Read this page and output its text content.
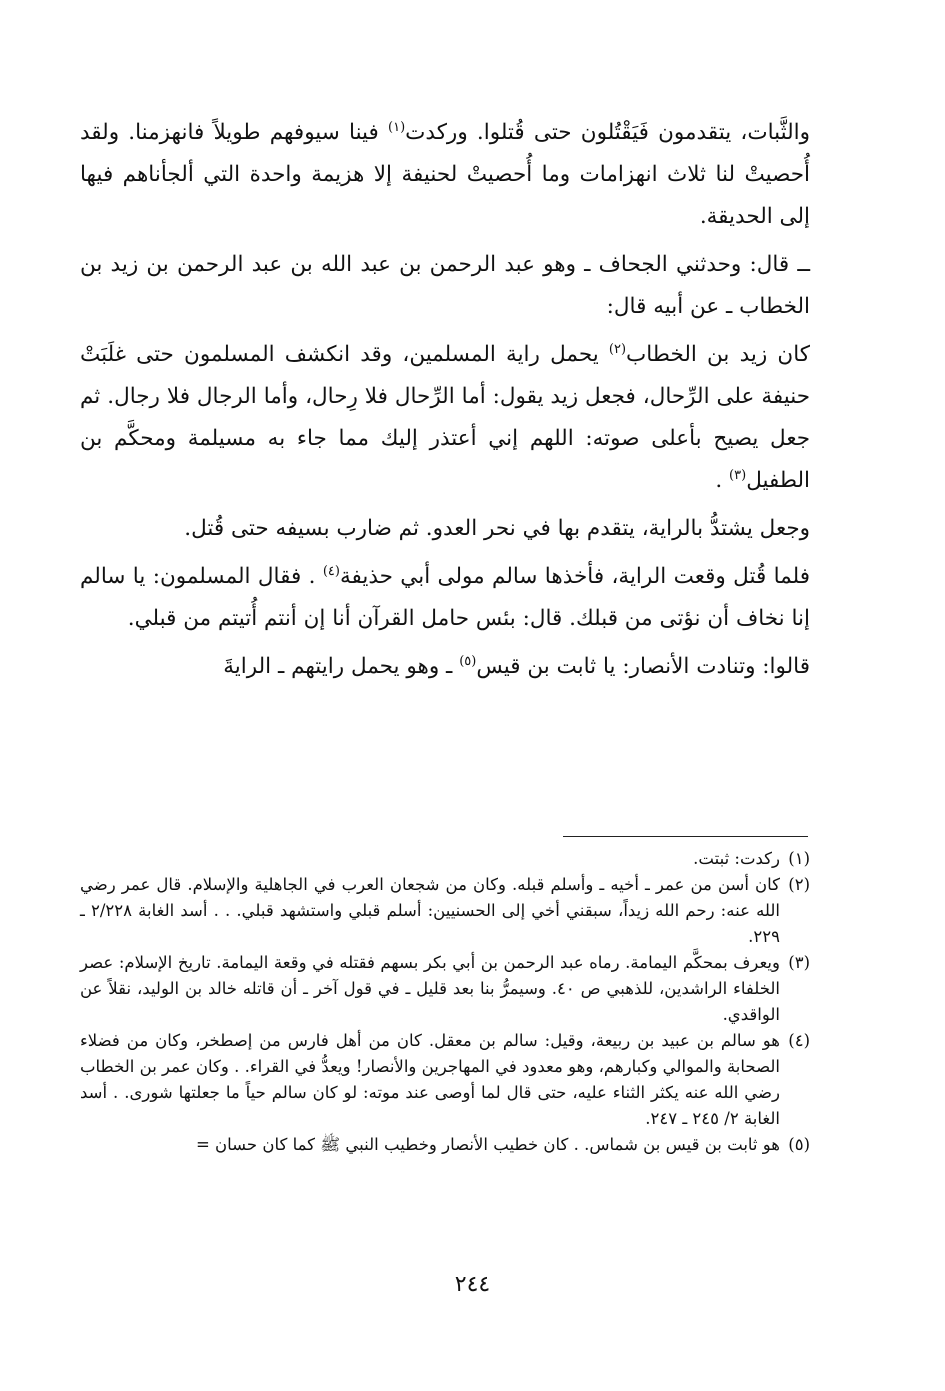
والثَّبات، يتقدمون فَيَقْتُلون حتى قُتلوا. وركدت$^{(١)}$ فينا سيوفهم طويلاً فانهزمنا. ولقد أُحصيتْ لنا ثلاث انهزامات وما أُحصيتْ لحنيفة إلا هزيمة واحدة التي ألجأناهم فيها إلى الحديقة.

ــ قال: وحدثني الجحاف ـ وهو عبد الرحمن بن عبد الله بن عبد الرحمن بن زيد بن الخطاب ـ عن أبيه قال:

كان زيد بن الخطاب$^{(٢)}$ يحمل راية المسلمين، وقد انكشف المسلمون حتى غلَبَتْ حنيفة على الرِّحال، فجعل زيد يقول: أما الرِّحال فلا رِحال، وأما الرجال فلا رجال. ثم جعل يصيح بأعلى صوته: اللهم إني أعتذر إليك مما جاء به مسيلمة ومحكَّم بن الطفيل$^{(٣)}$ .

وجعل يشتدُّ بالراية، يتقدم بها في نحر العدو. ثم ضارب بسيفه حتى قُتل.

فلما قُتل وقعت الراية، فأخذها سالم مولى أبي حذيفة$^{(٤)}$ . فقال المسلمون: يا سالم إنا نخاف أن نؤتى من قبلك. قال: بئس حامل القرآن أنا إن أنتم أُتيتم من قبلي.

قالوا: وتنادت الأنصار: يا ثابت بن قيس$^{(٥)}$ ـ وهو يحمل رايتهم ـ الرايةَ

(١)
ركدت: ثبتت.
(٢)
كان أسن من عمر ـ أخيه ـ وأسلم قبله. وكان من شجعان العرب في الجاهلية والإسلام. قال عمر رضي الله عنه: رحم الله زيداً، سبقني أخي إلى الحسنيين: أسلم قبلي واستشهد قبلي. . . أسد الغابة ٢/٢٢٨ ـ ٢٢٩.
(٣)
ويعرف بمحكَّم اليمامة. رماه عبد الرحمن بن أبي بكر بسهم فقتله في وقعة اليمامة. تاريخ الإسلام: عصر الخلفاء الراشدين، للذهبي ص ٤٠. وسيمرُّ بنا بعد قليل ـ في قول آخر ـ أن قاتله خالد بن الوليد، نقلاً عن الواقدي.
(٤)
هو سالم بن عبيد بن ربيعة، وقيل: سالم بن معقل. كان من أهل فارس من إصطخر، وكان من فضلاء الصحابة والموالي وكبارهم، وهو معدود في المهاجرين والأنصار! ويعدُّ في القراء. . وكان عمر بن الخطاب رضي الله عنه يكثر الثناء عليه، حتى قال لما أوصى عند موته: لو كان سالم حياً ما جعلتها شورى. . أسد الغابة ٢/ ٢٤٥ ـ ٢٤٧.
(٥)
هو ثابت بن قيس بن شماس. . كان خطيب الأنصار وخطيب النبي ﷺ كما كان حسان =
٢٤٤
